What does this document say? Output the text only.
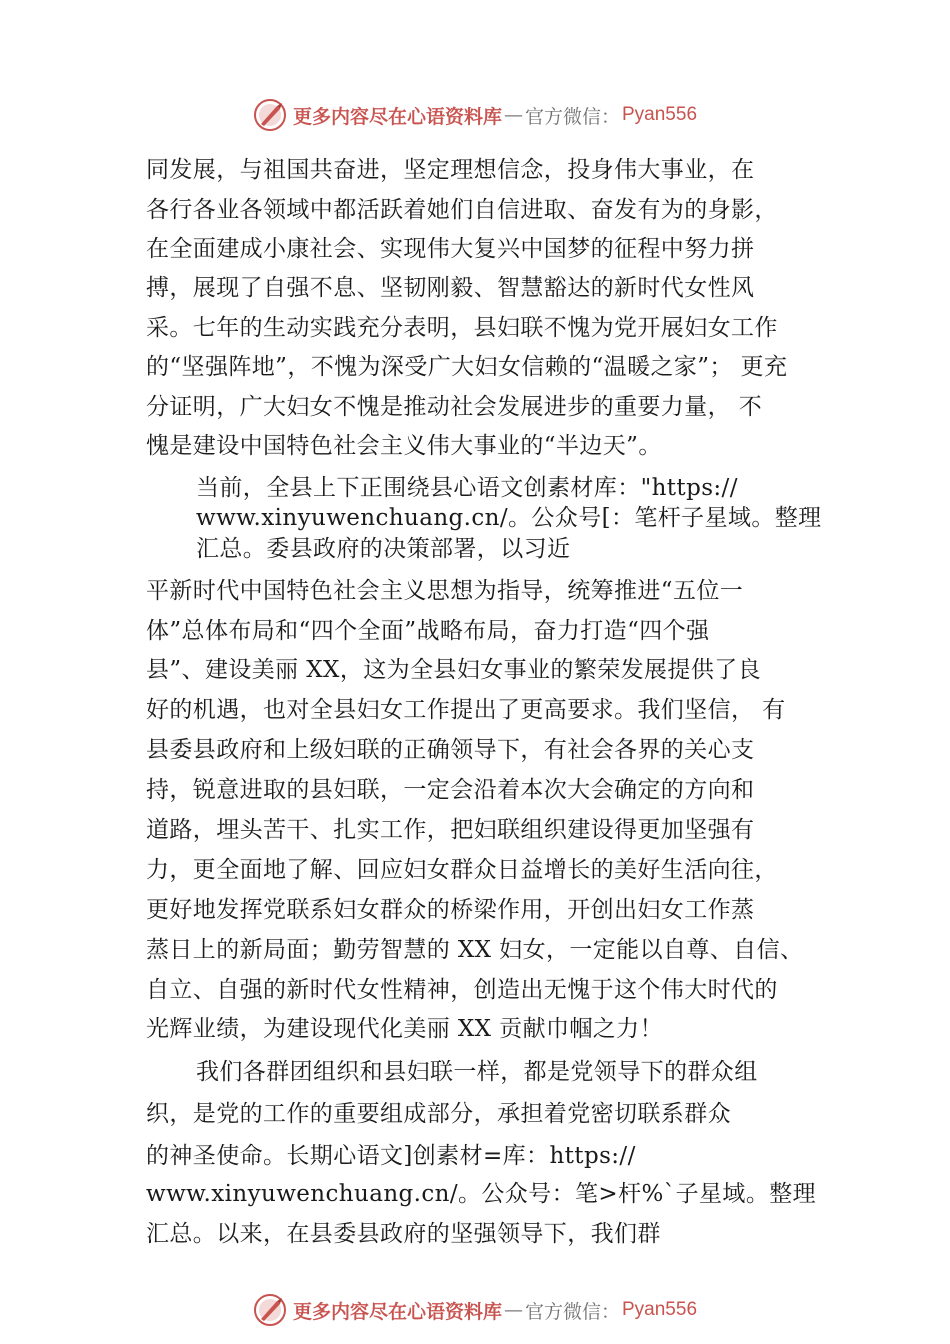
更多内容尽在心语资料库 — 官方微信： Pyan556
同发展，与祖国共奋进，坚定理想信念，投身伟大事业，在
各行各业各领域中都活跃着她们自信进取、奋发有为的身影，
在全面建成小康社会、实现伟大复兴中国梦的征程中努力拼
搏，展现了自强不息、坚韧刚毅、智慧豁达的新时代女性风
采。七年的生动实践充分表明，县妇联不愧为党开展妇女工作
的“坚强阵地”，不愧为深受广大妇女信赖的“温暖之家”； 更充
分证明，广大妇女不愧是推动社会发展进步的重要力量， 不
愧是建设中国特色社会主义伟大事业的“半边天”。
当前，全县上下正围绕县心语文创素材库："https://
www.xinyuwenchuang.cn/。公众号[：笔杆子星域。整理
汇总。委县政府的决策部署，以习近
平新时代中国特色社会主义思想为指导，统筹推进“五位一
体”总体布局和“四个全面”战略布局，奋力打造“四个强
县”、建设美丽 XX，这为全县妇女事业的繁荣发展提供了良
好的机遇，也对全县妇女工作提出了更高要求。我们坚信， 有
县委县政府和上级妇联的正确领导下，有社会各界的关心支
持，锐意进取的县妇联，一定会沿着本次大会确定的方向和
道路，埋头苦干、扎实工作，把妇联组织建设得更加坚强有
力，更全面地了解、回应妇女群众日益增长的美好生活向往，
更好地发挥党联系妇女群众的桥梁作用，开创出妇女工作蒸
蒸日上的新局面；勤劳智慧的 XX 妇女，一定能以自尊、自信、
自立、自强的新时代女性精神，创造出无愧于这个伟大时代的
光辉业绩，为建设现代化美丽 XX 贡献巾帼之力！
我们各群团组织和县妇联一样，都是党领导下的群众组
织，是党的工作的重要组成部分，承担着党密切联系群众
的神圣使命。长期心语文]创素材=库：https://
www.xinyuwenchuang.cn/。公众号：笔>杆%`子星域。整理
汇总。以来，在县委县政府的坚强领导下，我们群
更多内容尽在心语资料库 — 官方微信： Pyan556
